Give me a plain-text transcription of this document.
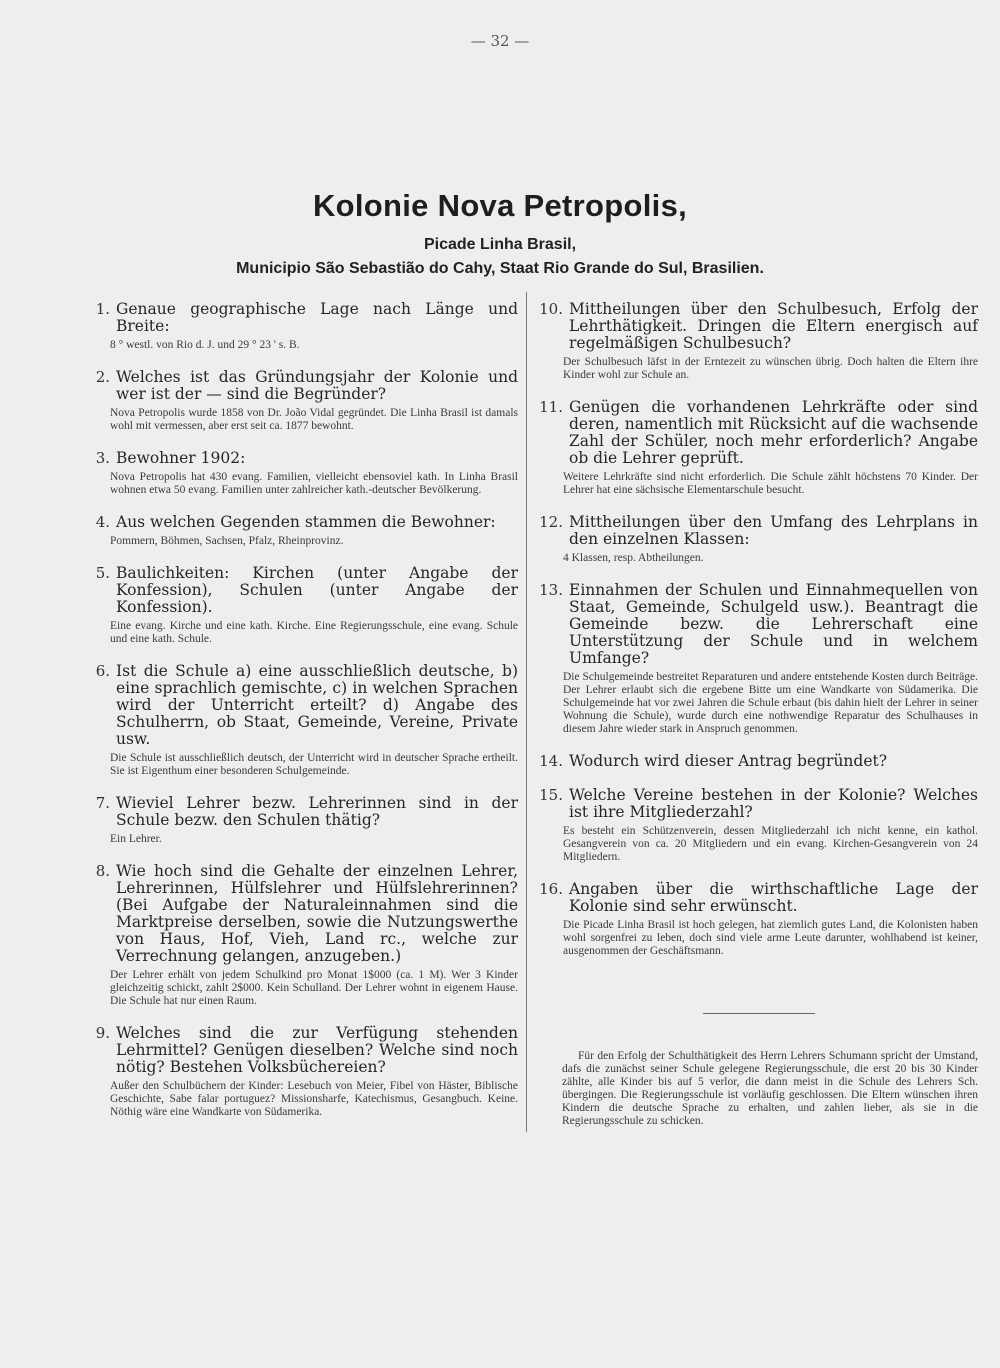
— 32 —
Kolonie Nova Petropolis,
Picade Linha Brasil,
Municipio São Sebastião do Cahy, Staat Rio Grande do Sul, Brasilien.
1. Genaue geographische Lage nach Länge und Breite:
8 ° westl. von Rio d. J. und 29 ° 23 ' s. B.
2. Welches ist das Gründungsjahr der Kolonie und wer ist der — sind die Begründer?
Nova Petropolis wurde 1858 von Dr. João Vidal gegründet. Die Linha Brasil ist damals wohl mit vermessen, aber erst seit ca. 1877 bewohnt.
3. Bewohner 1902:
Nova Petropolis hat 430 evang. Familien, vielleicht ebensoviel kath. In Linha Brasil wohnen etwa 50 evang. Familien unter zahlreicher kath.-deutscher Bevölkerung.
4. Aus welchen Gegenden stammen die Bewohner:
Pommern, Böhmen, Sachsen, Pfalz, Rheinprovinz.
5. Baulichkeiten: Kirchen (unter Angabe der Konfession), Schulen (unter Angabe der Konfession).
Eine evang. Kirche und eine kath. Kirche. Eine Regierungsschule, eine evang. Schule und eine kath. Schule.
6. Ist die Schule a) eine ausschließlich deutsche, b) eine sprachlich gemischte, c) in welchen Sprachen wird der Unterricht erteilt? d) Angabe des Schulherrn, ob Staat, Gemeinde, Vereine, Private usw.
Die Schule ist ausschließlich deutsch, der Unterricht wird in deutscher Sprache ertheilt. Sie ist Eigenthum einer besonderen Schulgemeinde.
7. Wieviel Lehrer bezw. Lehrerinnen sind in der Schule bezw. den Schulen thätig?
Ein Lehrer.
8. Wie hoch sind die Gehalte der einzelnen Lehrer, Lehrerinnen, Hülfslehrer und Hülfslehrerinnen? (Bei Aufgabe der Naturaleinnahmen sind die Marktpreise derselben, sowie die Nutzungswerthe von Haus, Hof, Vieh, Land rc., welche zur Verrechnung gelangen, anzugeben.)
Der Lehrer erhält von jedem Schulkind pro Monat 1$000 (ca. 1 M). Wer 3 Kinder gleichzeitig schickt, zahlt 2$000. Kein Schulland. Der Lehrer wohnt in eigenem Hause. Die Schule hat nur einen Raum.
9. Welches sind die zur Verfügung stehenden Lehrmittel? Genügen dieselben? Welche sind noch nötig? Bestehen Volksbüchereien?
Außer den Schulbüchern der Kinder: Lesebuch von Meier, Fibel von Häster, Biblische Geschichte, Sabe falar portuguez? Missionsharfe, Katechismus, Gesangbuch. Keine. Nöthig wäre eine Wandkarte von Südamerika.
10. Mittheilungen über den Schulbesuch, Erfolg der Lehrthätigkeit. Dringen die Eltern energisch auf regelmäßigen Schulbesuch?
Der Schulbesuch läfst in der Erntezeit zu wünschen übrig. Doch halten die Eltern ihre Kinder wohl zur Schule an.
11. Genügen die vorhandenen Lehrkräfte oder sind deren, namentlich mit Rücksicht auf die wachsende Zahl der Schüler, noch mehr erforderlich? Angabe ob die Lehrer geprüft.
Weitere Lehrkräfte sind nicht erforderlich. Die Schule zählt höchstens 70 Kinder. Der Lehrer hat eine sächsische Elementarschule besucht.
12. Mittheilungen über den Umfang des Lehrplans in den einzelnen Klassen:
4 Klassen, resp. Abtheilungen.
13. Einnahmen der Schulen und Einnahmequellen von Staat, Gemeinde, Schulgeld usw.). Beantragt die Gemeinde bezw. die Lehrerschaft eine Unterstützung der Schule und in welchem Umfange?
Die Schulgemeinde bestreitet Reparaturen und andere entstehende Kosten durch Beiträge. Der Lehrer erlaubt sich die ergebene Bitte um eine Wandkarte von Südamerika. Die Schulgemeinde hat vor zwei Jahren die Schule erbaut (bis dahin hielt der Lehrer in seiner Wohnung die Schule), wurde durch eine nothwendige Reparatur des Schulhauses in diesem Jahre wieder stark in Anspruch genommen.
14. Wodurch wird dieser Antrag begründet?
15. Welche Vereine bestehen in der Kolonie? Welches ist ihre Mitgliederzahl?
Es besteht ein Schützenverein, dessen Mitgliederzahl ich nicht kenne, ein kathol. Gesangverein von ca. 20 Mitgliedern und ein evang. Kirchen-Gesangverein von 24 Mitgliedern.
16. Angaben über die wirthschaftliche Lage der Kolonie sind sehr erwünscht.
Die Picade Linha Brasil ist hoch gelegen, hat ziemlich gutes Land, die Kolonisten haben wohl sorgenfrei zu leben, doch sind viele arme Leute darunter, wohlhabend ist keiner, ausgenommen der Geschäftsmann.
Für den Erfolg der Schulthätigkeit des Herrn Lehrers Schumann spricht der Umstand, dafs die zunächst seiner Schule gelegene Regierungsschule, die erst 20 bis 30 Kinder zählte, alle Kinder bis auf 5 verlor, die dann meist in die Schule des Lehrers Sch. übergingen. Die Regierungsschule ist vorläufig geschlossen. Die Eltern wünschen ihren Kindern die deutsche Sprache zu erhalten, und zahlen lieber, als sie in die Regierungsschule zu schicken.
